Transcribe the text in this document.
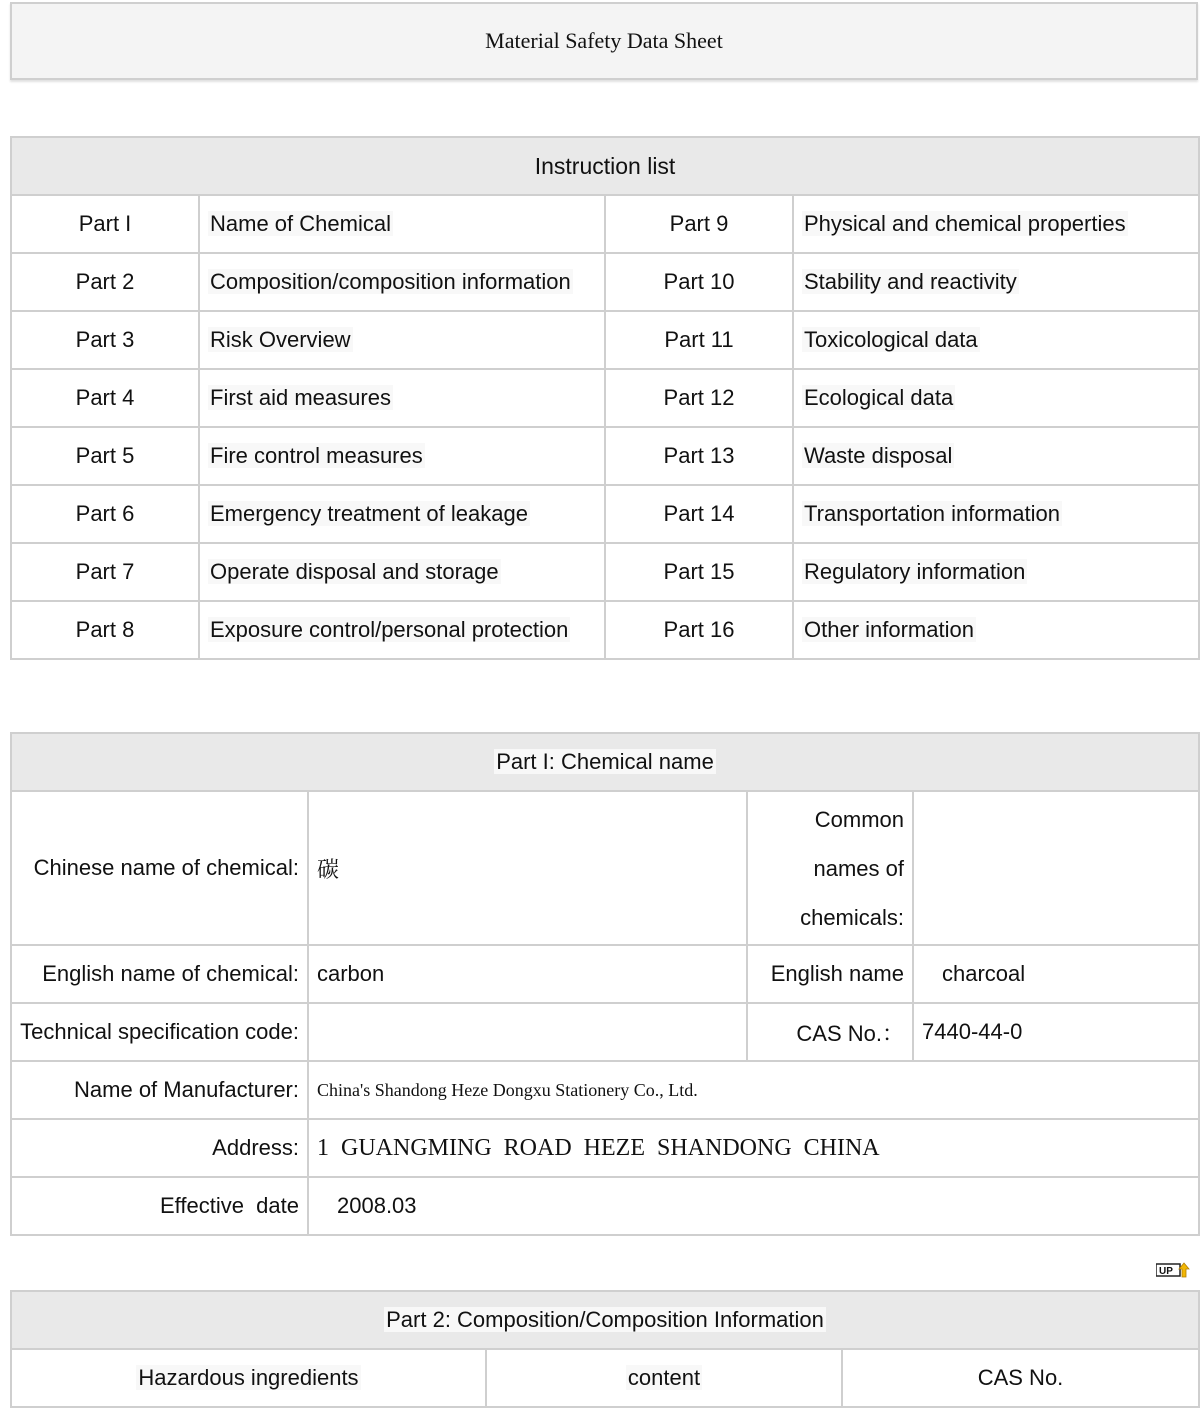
Material Safety Data Sheet
Instruction list			
Part I	Name of Chemical	Part 9	Physical and chemical properties
Part 2	Composition/composition information	Part 10	Stability and reactivity
Part 3	Risk Overview	Part 11	Toxicological data
Part 4	First aid measures	Part 12	Ecological data
Part 5	Fire control measures	Part 13	Waste disposal
Part 6	Emergency treatment of leakage	Part 14	Transportation information
Part 7	Operate disposal and storage	Part 15	Regulatory information
Part 8	Exposure control/personal protection	Part 16	Other information
Part I: Chemical name			
Chinese name of chemical:	碳	Common
names of
chemicals:	

English name of chemical:	carbon	English name	charcoal
Technical specification code:		CAS No.：	7440-44-0
Name of Manufacturer:	China's Shandong Heze Dongxu Stationery Co., Ltd.		
Address:	1  GUANGMING  ROAD  HEZE  SHANDONG  CHINA		
Effective  date	2008.03		
UP
Part 2: Composition/Composition Information
Hazardous ingredients	content	CAS No.
